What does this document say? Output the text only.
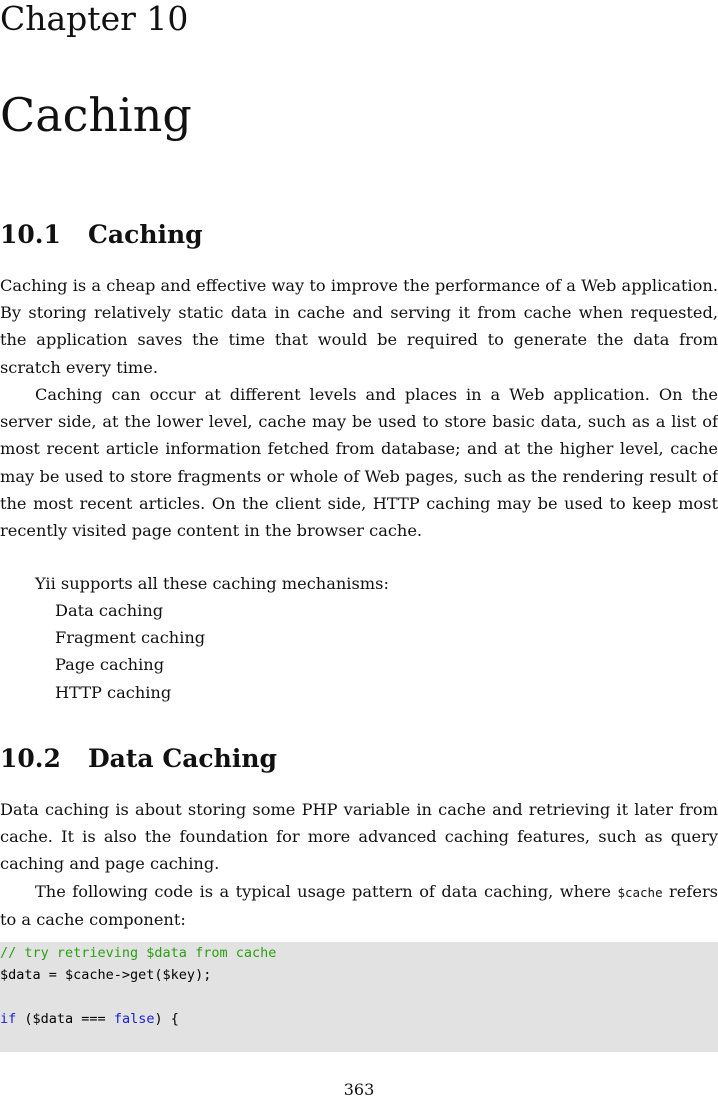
Chapter 10
Caching
10.1 Caching

Caching is a cheap and effective way to improve the performance of a Web application. By storing relatively static data in cache and serving it from cache when requested, the application saves the time that would be required to generate the data from scratch every time.

Caching can occur at different levels and places in a Web application. On the server side, at the lower level, cache may be used to store basic data, such as a list of most recent article information fetched from database; and at the higher level, cache may be used to store fragments or whole of Web pages, such as the rendering result of the most recent articles. On the client side, HTTP caching may be used to keep most recently visited page content in the browser cache.

Yii supports all these caching mechanisms:

Data caching
Fragment caching
Page caching
HTTP caching
10.2 Data Caching

Data caching is about storing some PHP variable in cache and retrieving it later from cache. It is also the foundation for more advanced caching features, such as query caching and page caching.

The following code is a typical usage pattern of data caching, where $cache refers to a cache component:

// try retrieving $data from cache
$data = $cache->get($key);
if ($data === false) {

363
